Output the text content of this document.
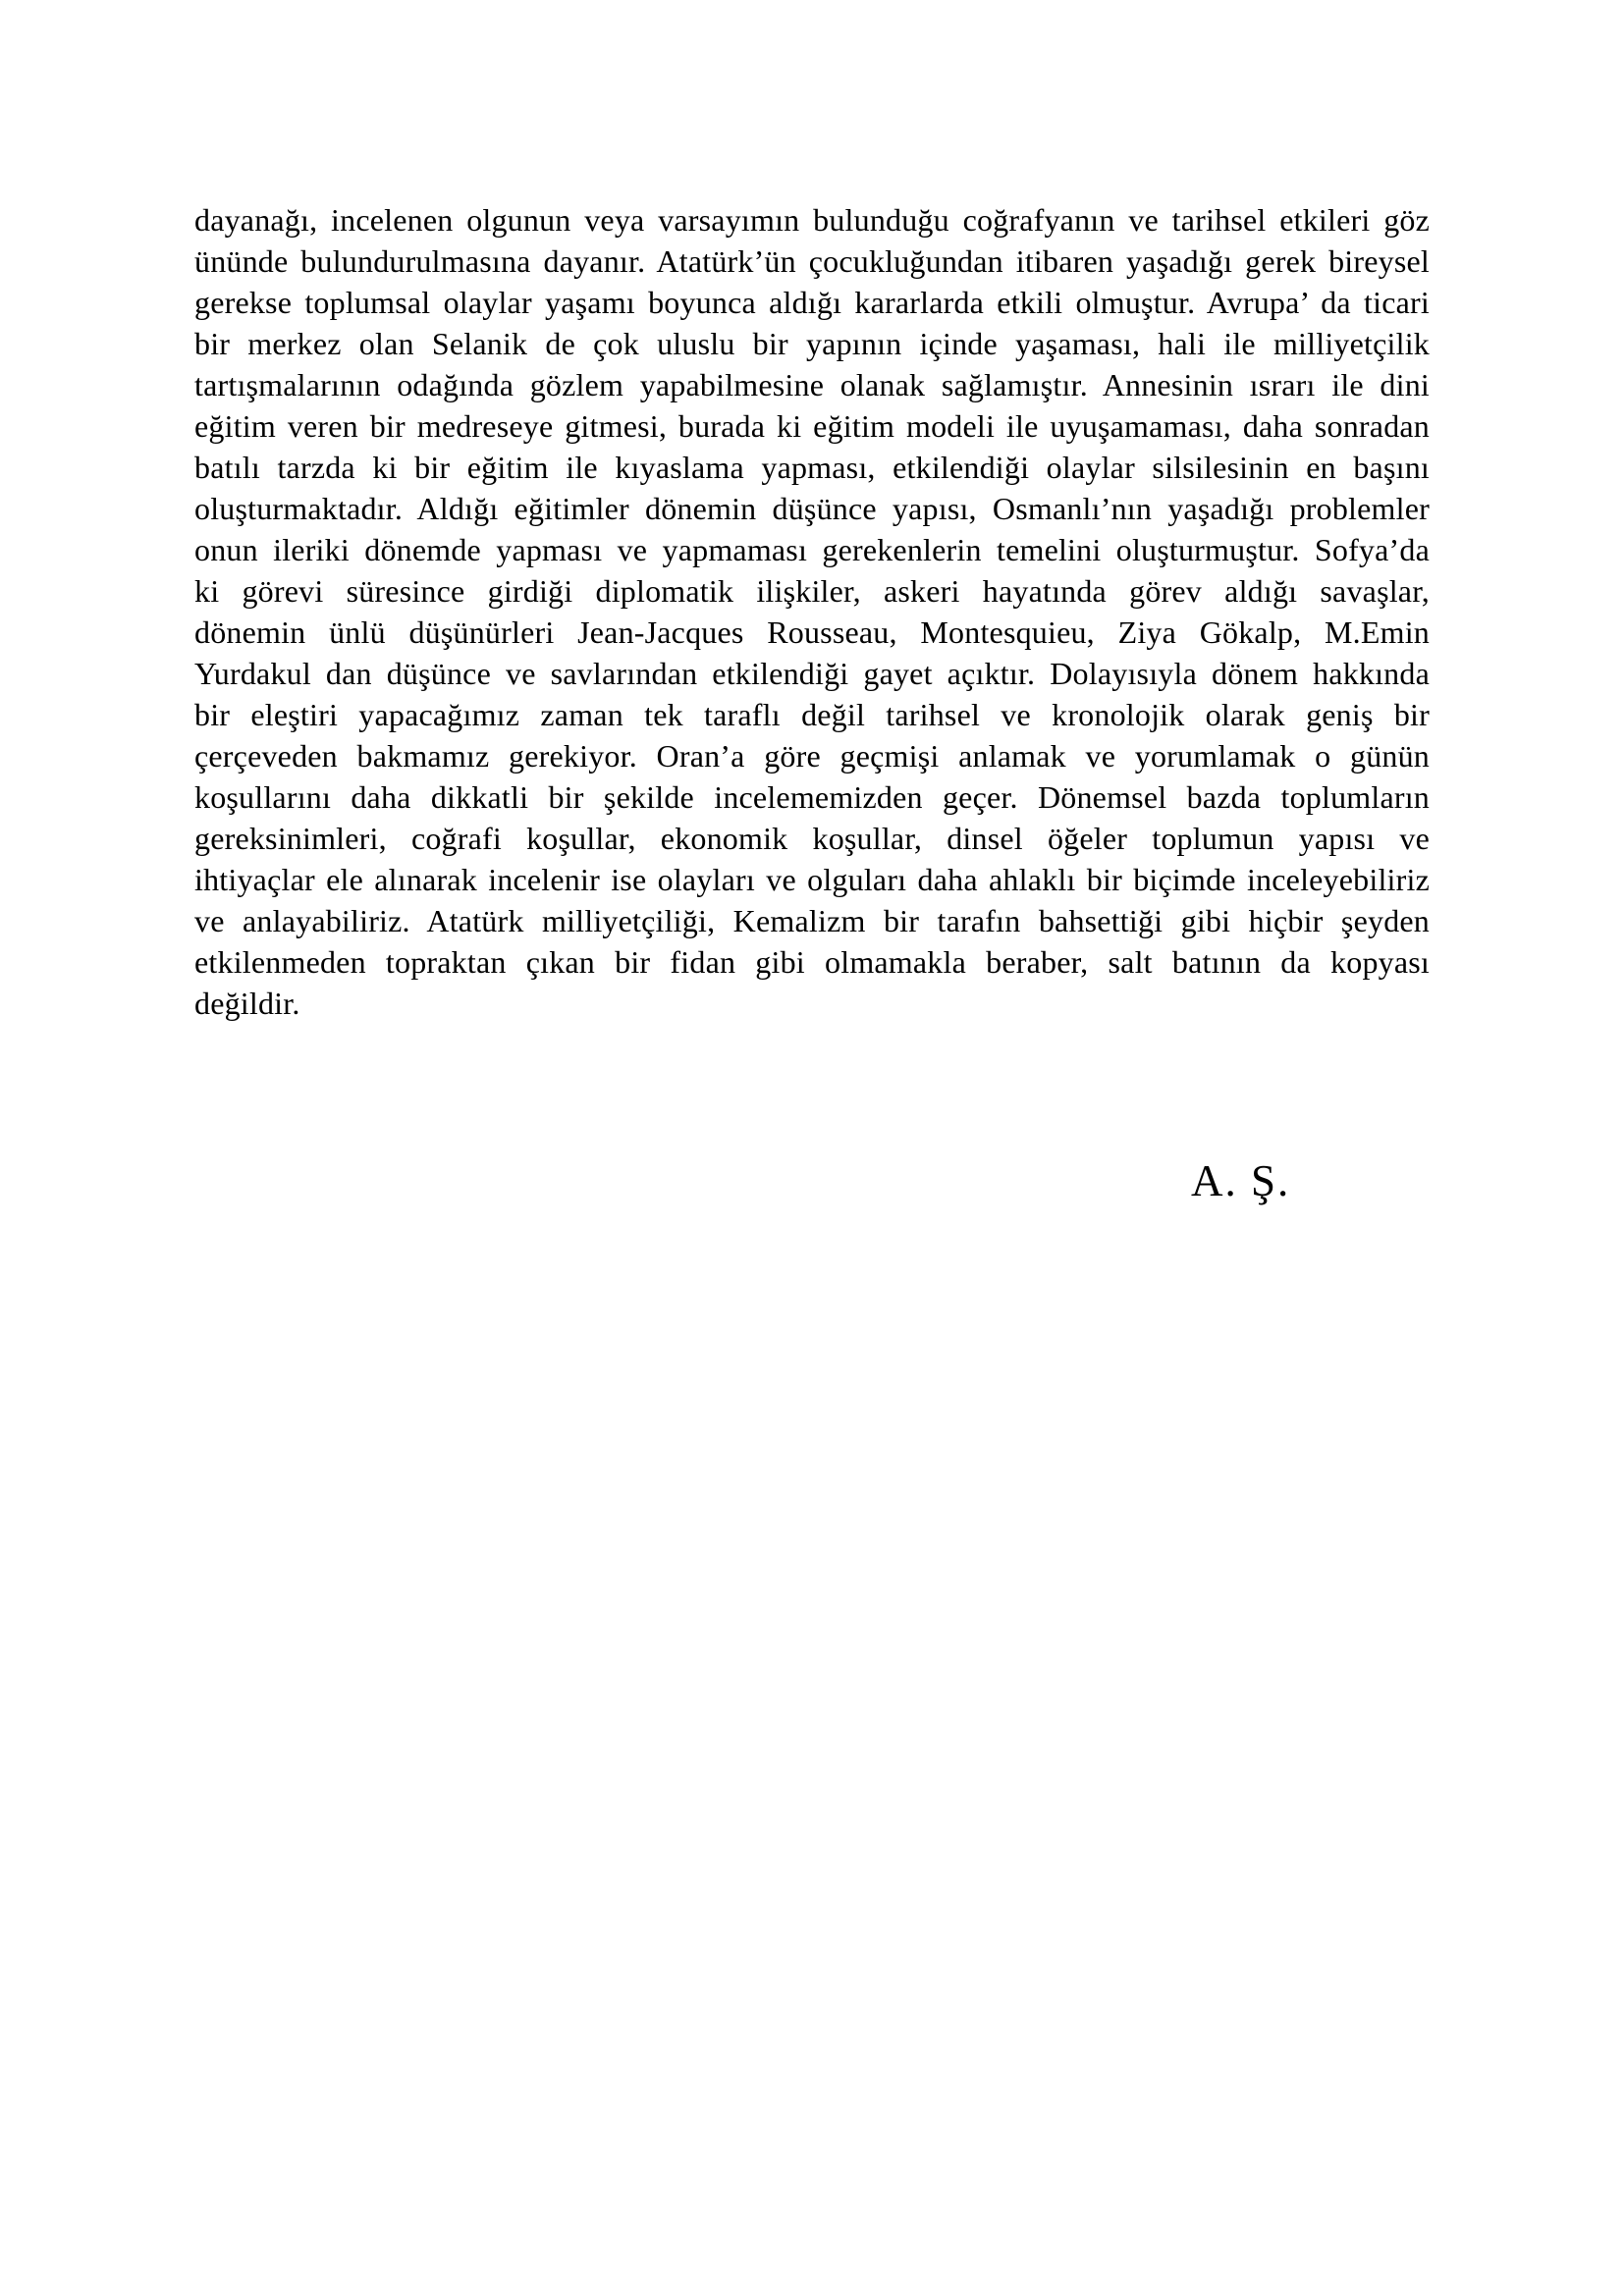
dayanağı, incelenen olgunun veya varsayımın bulunduğu coğrafyanın ve tarihsel etkileri göz
ününde bulundurulmasına dayanır. Atatürk’ün çocukluğundan itibaren yaşadığı gerek bireysel
gerekse toplumsal olaylar yaşamı boyunca aldığı kararlarda etkili olmuştur. Avrupa’ da ticari
bir merkez olan Selanik de çok uluslu bir yapının içinde yaşaması, hali ile milliyetçilik
tartışmalarının odağında gözlem yapabilmesine olanak sağlamıştır. Annesinin ısrarı ile dini
eğitim veren bir medreseye gitmesi, burada ki eğitim modeli ile uyuşamaması, daha sonradan
batılı tarzda ki bir eğitim ile kıyaslama yapması, etkilendiği olaylar silsilesinin en başını
oluşturmaktadır. Aldığı eğitimler dönemin düşünce yapısı, Osmanlı’nın yaşadığı problemler
onun ileriki dönemde yapması ve yapmaması gerekenlerin temelini oluşturmuştur. Sofya’da
ki görevi süresince girdiği diplomatik ilişkiler, askeri hayatında görev aldığı savaşlar,
dönemin ünlü düşünürleri Jean-Jacques Rousseau, Montesquieu, Ziya Gökalp, M.Emin
Yurdakul dan düşünce ve savlarından etkilendiği gayet açıktır. Dolayısıyla dönem hakkında
bir eleştiri yapacağımız zaman tek taraflı değil tarihsel ve kronolojik olarak geniş bir
çerçeveden bakmamız gerekiyor. Oran’a göre geçmişi anlamak ve yorumlamak o günün
koşullarını daha dikkatli bir şekilde incelememizden geçer. Dönemsel bazda toplumların
gereksinimleri, coğrafi koşullar, ekonomik koşullar, dinsel öğeler toplumun yapısı ve
ihtiyaçlar ele alınarak incelenir ise olayları ve olguları daha ahlaklı bir biçimde inceleyebiliriz
ve anlayabiliriz. Atatürk milliyetçiliği, Kemalizm bir tarafın bahsettiği gibi hiçbir şeyden
etkilenmeden topraktan çıkan bir fidan gibi olmamakla beraber, salt batının da kopyası
değildir.
A. Ş.
